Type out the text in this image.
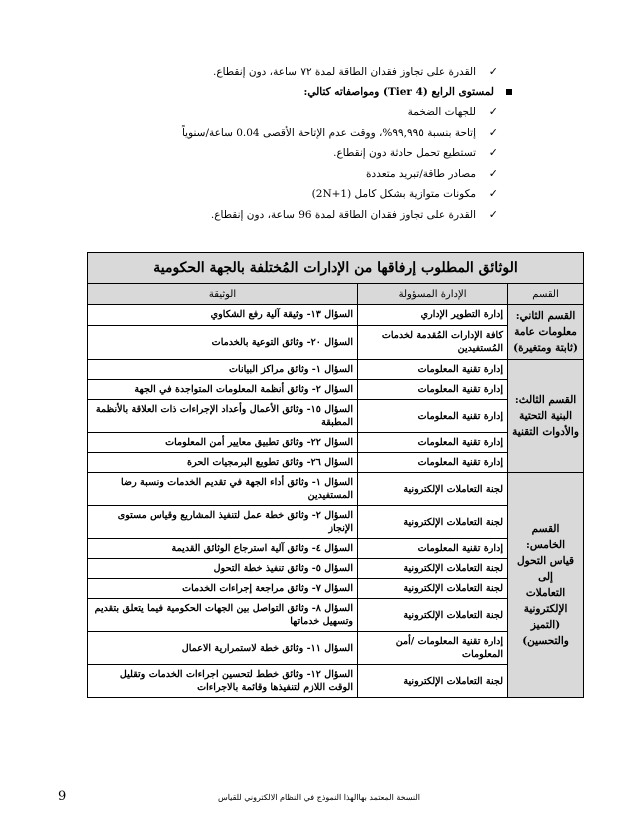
✓القدرة على تجاوز فقدان الطاقة لمدة ٧٢ ساعة، دون إنقطاع.
لمستوى الرابع (Tier 4) ومواصفاته كتالي:
✓للجهات الضخمة
✓إتاحة بنسبة ٩٩,٩٩٥%، ووقت عدم الإتاحة الأقصى 0.04 ساعة/سنوياً
✓تستطيع تحمل حادثة دون إنقطاع.
✓مصادر طاقة/تبريد متعددة
✓مكونات متوازية بشكل كامل (2N+1)
✓القدرة على تجاوز فقدان الطاقة لمدة 96 ساعة، دون إنقطاع.
الوثائق المطلوب إرفاقها من الإدارات المُختلفة بالجهة الحكومية		
القسم	الإدارة المسؤولة	الوثيقة

القسم الثاني:
معلومات عامة
(ثابتة ومتغيرة)	إدارة التطوير الإداري	السؤال ١٣- وثيقة آلية رفع الشكاوي
	كافة الإدارات المُقدمة لخدمات المُستفيدين	السؤال ٢٠- وثائق التوعية بالخدمات

القسم الثالث:
البنية التحتية
والأدوات التقنية	إدارة تقنية المعلومات	السؤال ١- وثائق مراكز البيانات
	إدارة تقنية المعلومات	السؤال ٢- وثائق أنظمة المعلومات المتواجدة في الجهة
	إدارة تقنية المعلومات	السؤال ١٥- وثائق الأعمال وأعداد الإجراءات ذات العلاقة بالأنظمة المطبقة
	إدارة تقنية المعلومات	السؤال ٢٢- وثائق تطبيق معايير أمن المعلومات
	إدارة تقنية المعلومات	السؤال ٢٦- وثائق تطويع البرمجيات الحرة

القسم الخامس:
قياس التحول إلى
التعاملات
الإلكترونية (التميز
والتحسين)	لجنة التعاملات الإلكترونية	السؤال ١- وثائق أداء الجهة في تقديم الخدمات ونسبة رضا المستفيدين
	لجنة التعاملات الإلكترونية	السؤال ٢- وثائق خطة عمل لتنفيذ المشاريع وقياس مستوى الإنجاز
	إدارة تقنية المعلومات	السؤال ٤- وثائق آلية استرجاع الوثائق القديمة
	لجنة التعاملات الإلكترونية	السؤال ٥- وثائق تنفيذ خطة التحول
	لجنة التعاملات الإلكترونية	السؤال ٧- وثائق مراجعة إجراءات الخدمات
	لجنة التعاملات الإلكترونية	السؤال ٨- وثائق التواصل بين الجهات الحكومية فيما يتعلق بتقديم وتسهيل خدماتها
	إدارة تقنية المعلومات /أمن المعلومات	السؤال ١١- وثائق خطة لاستمرارية الاعمال
	لجنة التعاملات الإلكترونية	السؤال ١٢- وثائق خطط لتحسين اجراءات الخدمات وتقليل الوقت اللازم لتنفيذها وقائمة بالاجراءات
النسخة المعتمد بهاالهذا النموذج في النظام الالكتروني للقياس
9
